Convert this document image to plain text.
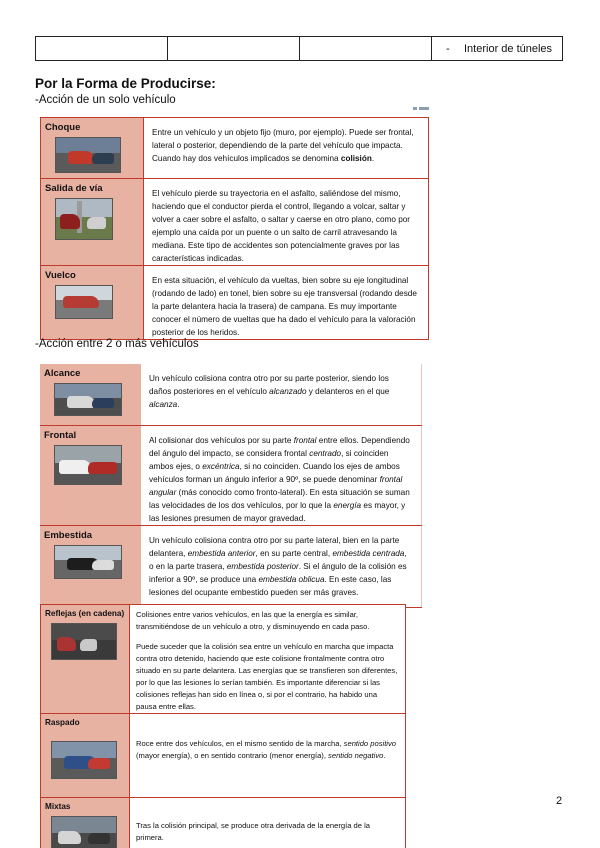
			- Interior de túneles
Por la Forma de Producirse:
-Acción de un solo vehículo
Choque	Entre un vehículo y un objeto fijo (muro, por ejemplo). Puede ser frontal, lateral o posterior, dependiendo de la parte del vehículo que impacta. Cuando hay dos vehículos implicados se denomina colisión.

Salida de vía	El vehículo pierde su trayectoria en el asfalto, saliéndose del mismo, haciendo que el conductor pierda el control, llegando a volcar, saltar y volver a caer sobre el asfalto, o saltar y caerse en otro plano, como por ejemplo una caída por un puente o un salto de carril atravesando la mediana. Este tipo de accidentes son potencialmente graves por las características indicadas.

Vuelco	En esta situación, el vehículo da vueltas, bien sobre su eje longitudinal (rodando de lado) en tonel, bien sobre su eje transversal (rodando desde la parte delantera hacia la trasera) de campana. Es muy importante conocer el número de vueltas que ha dado el vehículo para la valoración posterior de los heridos.
-Acción entre 2 o más vehículos
Alcance	Un vehículo colisiona contra otro por su parte posterior, siendo los daños posteriores en el vehículo alcanzado y delanteros en el que alcanza.

Frontal	Al colisionar dos vehículos por su parte frontal entre ellos. Dependiendo del ángulo del impacto, se considera frontal centrado, si coinciden ambos ejes, o excéntrica, si no coinciden. Cuando los ejes de ambos vehículos forman un ángulo inferior a 90º, se puede denominar frontal angular (más conocido como fronto-lateral). En esta situación se suman las velocidades de los dos vehículos, por lo que la energía es mayor, y las lesiones presumen de mayor gravedad.

Embestida	Un vehículo colisiona contra otro por su parte lateral, bien en la parte delantera, embestida anterior, en su parte central, embestida centrada, o en la parte trasera, embestida posterior. Si el ángulo de la colisión es inferior a 90º, se produce una embestida oblicua. En este caso, las lesiones del ocupante embestido pueden ser más graves.
Reflejas (en cadena)	Colisiones entre varios vehículos, en las que la energía es similar, transmitiéndose de un vehículo a otro, y disminuyendo en cada paso.
Puede suceder que la colisión sea entre un vehículo en marcha que impacta contra otro detenido, haciendo que este colisione frontalmente contra otro situado en su parte delantera. Las energías que se transfieren son diferentes, por lo que las lesiones lo serían también. Es importante diferenciar si las colisiones reflejas han sido en línea o, si por el contrario, ha habido una pausa entre ellas.

Raspado	Roce entre dos vehículos, en el mismo sentido de la marcha, sentido positivo (mayor energía), o en sentido contrario (menor energía), sentido negativo.

Mixtas	Tras la colisión principal, se produce otra derivada de la energía de la primera.
2
